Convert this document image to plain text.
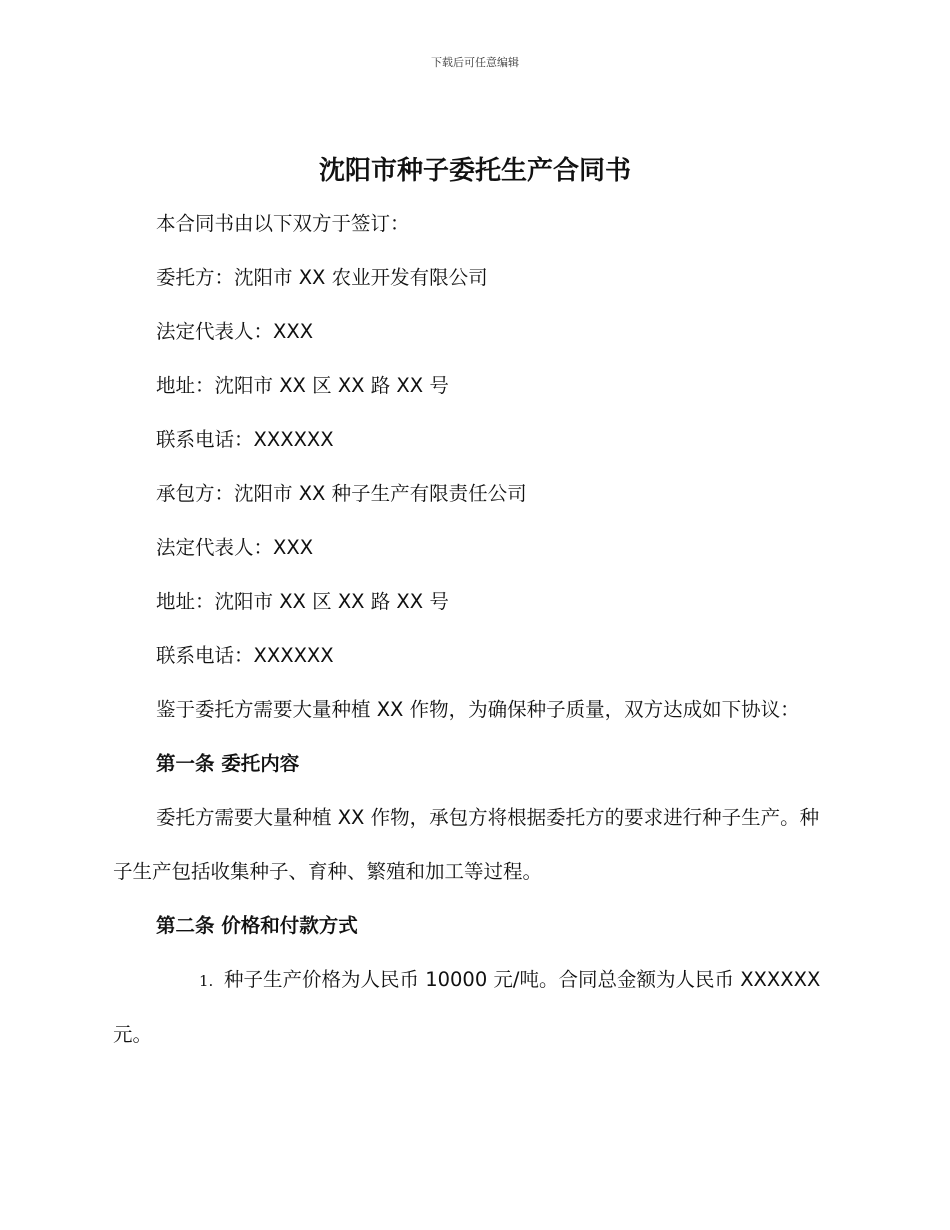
下载后可任意编辑
沈阳市种子委托生产合同书

本合同书由以下双方于签订：

委托方：沈阳市 XX 农业开发有限公司

法定代表人：XXX

地址：沈阳市 XX 区 XX 路 XX 号

联系电话：XXXXXX

承包方：沈阳市 XX 种子生产有限责任公司

法定代表人：XXX

地址：沈阳市 XX 区 XX 路 XX 号

联系电话：XXXXXX

鉴于委托方需要大量种植 XX 作物，为确保种子质量，双方达成如下协议：

第一条 委托内容

委托方需要大量种植 XX 作物，承包方将根据委托方的要求进行种子生产。种子生产包括收集种子、育种、繁殖和加工等过程。

第二条 价格和付款方式

1. 种子生产价格为人民币 10000 元/吨。合同总金额为人民币 XXXXXX 元。
